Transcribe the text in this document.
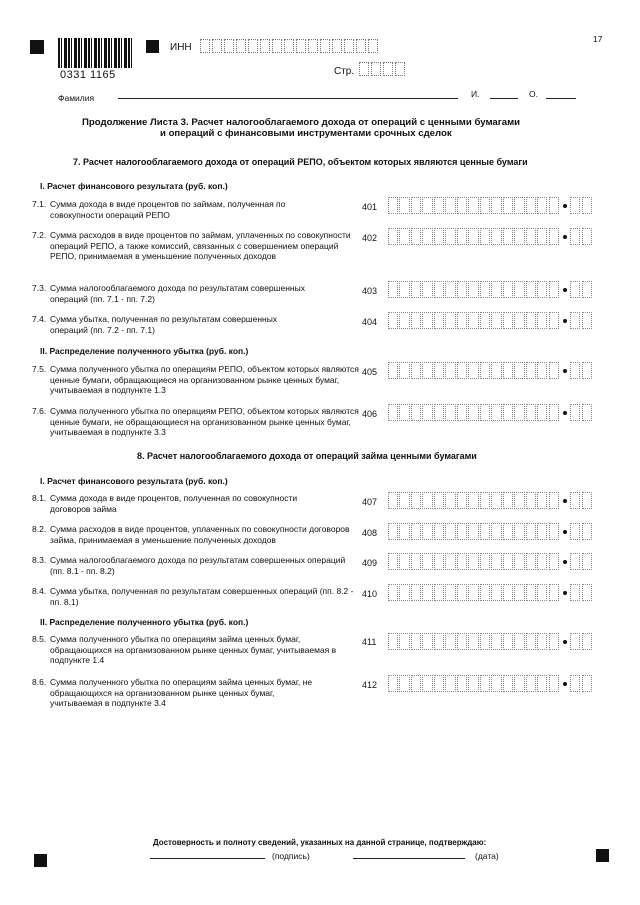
17
0331 1165
ИНН
Стр.
Фамилия	И.	О.
Продолжение Листа 3. Расчет налогооблагаемого дохода от операций с ценными бумагами
и операций с финансовыми инструментами срочных сделок
7. Расчет налогооблагаемого дохода от операций РЕПО, объектом которых являются ценные бумаги
I. Расчет финансового результата (руб. коп.)
7.1. Сумма дохода в виде процентов по займам, полученная по совокупности операций РЕПО
401
7.2. Сумма расходов в виде процентов по займам, уплаченных по совокупности операций РЕПО, а также комиссий, связанных с совершением операций РЕПО, принимаемая в уменьшение полученных доходов
402
7.3. Сумма налогооблагаемого дохода по результатам совершенных операций (пп. 7.1 - пп. 7.2)
403
7.4. Сумма убытка, полученная по результатам совершенных операций (пп. 7.2 - пп. 7.1)
404
II. Распределение полученного убытка (руб. коп.)
7.5. Сумма полученного убытка по операциям РЕПО, объектом которых являются ценные бумаги, обращающиеся на организованном рынке ценных бумаг, учитываемая в подпункте 1.3
405
7.6. Сумма полученного убытка по операциям РЕПО, объектом которых являются ценные бумаги, не обращающиеся на организованном рынке ценных бумаг, учитываемая в подпункте 3.3
406
8. Расчет налогооблагаемого дохода от операций займа ценными бумагами
I. Расчет финансового результата (руб. коп.)
8.1. Сумма дохода в виде процентов, полученная по совокупности договоров займа
407
8.2. Сумма расходов в виде процентов, уплаченных по совокупности договоров займа, принимаемая в уменьшение полученных доходов
408
8.3. Сумма налогооблагаемого дохода по результатам совершенных операций (пп. 8.1 - пп. 8.2)
409
8.4. Сумма убытка, полученная по результатам совершенных операций (пп. 8.2 - пп. 8.1)
410
II. Распределение полученного убытка (руб. коп.)
8.5. Сумма полученного убытка по операциям займа ценных бумаг, обращающихся на организованном рынке ценных бумаг, учитываемая в подпункте 1.4
411
8.6. Сумма полученного убытка по операциям займа ценных бумаг, не обращающихся на организованном рынке ценных бумаг, учитываемая в подпункте 3.4
412
Достоверность и полноту сведений, указанных на данной странице, подтверждаю:
(подпись)	(дата)
